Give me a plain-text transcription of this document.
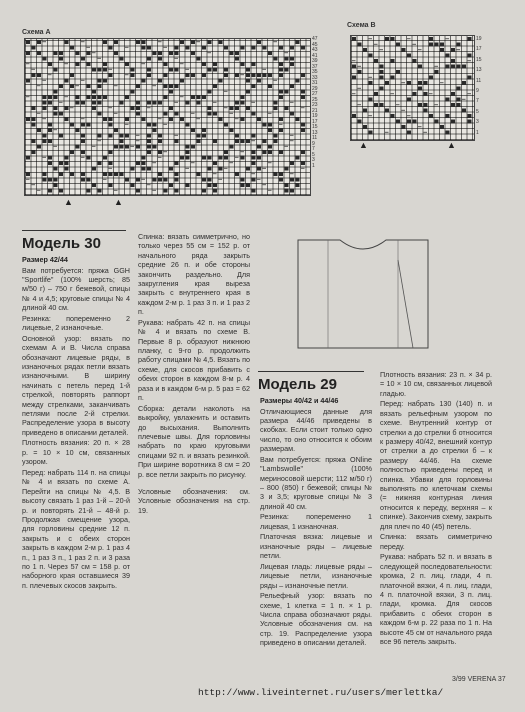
Схема А
47
45
43
41
39
37
35
33
31
29
27
25
23
21
19
17
15
13
11
9
7
5
3
1
▲	▲
Схема В
19
17
15
13
11
9
7
5
3
1
▲	▲
Модель 30

Размер 42/44

Вам потребуется: пряжа GGH "Sportlife" (100% шерсть; 85 м/50 г) – 750 г бежевой, спицы № 4 и 4,5; круговые спицы № 4 длиной 40 см.

Резинка: попеременно 2 лицевые, 2 изнаночные.

Основной узор: вязать по схемам А и В. Числа справа обозначают лицевые ряды, в изнаночных рядах петли вязать изнаночными. В ширину начинать с петель перед 1-й стрелкой, повторять раппорт между стрелками, заканчивать петлями после 2-й стрелки. Распределение узора в высоту приведено в описании деталей.

Плотность вязания: 20 п. × 28 р. = 10 × 10 см, связанных узором.

Перед: набрать 114 п. на спицы № 4 и вязать по схеме А. Перейти на спицы № 4,5. В высоту связать 1 раз 1-й – 20-й р. и повторять 21-й – 48-й р. Продолжая смещение узора, для горловины средние 12 п. закрыть и с обеих сторон закрыть в каждом 2-м р. 1 раз 4 п., 1 раз 3 п., 1 раз 2 п. и 3 раза по 1 п. Через 57 см = 158 р. от наборного края оставшиеся 39 п. плечевых скосов закрыть.

Спинка: вязать симметрично, но только через 55 см = 152 р. от начального ряда закрыть средние 26 п. и обе стороны закончить раздельно. Для закругления края выреза закрыть с внутреннего края в каждом 2-м р. 1 раз 3 п. и 1 раз 2 п.

Рукава: набрать 42 п. на спицы № 4 и вязать по схеме В. Первые 8 р. образуют нижнюю планку, с 9-го р. продолжить работу спицами № 4,5. Вязать по схеме, для скосов прибавить с обеих сторон в каждом 8-м р. 4 раза и в каждом 6-м р. 5 раз = 62 п.

Сборка: детали наколоть на выкройку, увлажнить и оставить до высыхания. Выполнить плечевые швы. Для горловины набрать по краю круговыми спицами 92 п. и вязать резинкой. При ширине воротника 8 см = 20 р. все петли закрыть по рисунку.

Условные обозначения: см. Условные обозначения на стр. 19.

Модель 29

Размеры 40/42 и 44/46

Отличающиеся данные для размера 44/46 приведены в скобках. Если стоит только одно число, то оно относится к обоим размерам.

Вам потребуется: пряжа ONline "Lambswolle" (100% мериносовой шерсти; 112 м/50 г) – 800 (850) г бежевой; спицы № 3 и 3,5; круговые спицы № 3 длиной 40 см.

Резинка: попеременно 1 лицевая, 1 изнаночная.

Платочная вязка: лицевые и изнаночные ряды – лицевые петли.

Лицевая гладь: лицевые ряды – лицевые петли, изнаночные ряды – изнаночные петли.

Рельефный узор: вязать по схеме, 1 клетка = 1 п. × 1 р. Числа справа обозначают ряды. Условные обозначения см. на стр. 19. Распределение узора приведено в описании деталей.

Плотность вязания: 23 п. × 34 р. = 10 × 10 см, связанных лицевой гладью.

Перед: набрать 130 (140) п. и вязать рельефным узором по схеме. Внутренний контур от стрелки а до стрелки б относится к размеру 40/42, внешний контур от стрелки а до стрелки б – к размеру 44/46. На схеме полностью приведены перед и спинка. Убавки для горловины выполнять по клеточкам схемы (= нижняя контурная линия относится к переду, верхняя – к спинке). Закончив схему, закрыть для плеч по 40 (45) петель.

Спинка: вязать симметрично переду.

Рукава: набрать 52 п. и вязать в следующей последовательности: кромка, 2 п. лиц. глади, 4 п. платочной вязки, 4 п. лиц. глади, 4 п. платочной вязки, 3 п. лиц. глади, кромка. Для скосов прибавить с обеих сторон в каждом 6-м р. 22 раза по 1 п. На высоте 45 см от начального ряда все 96 петель закрыть.

3/99 VERENA 37
http://www.liveinternet.ru/users/merlettka/
